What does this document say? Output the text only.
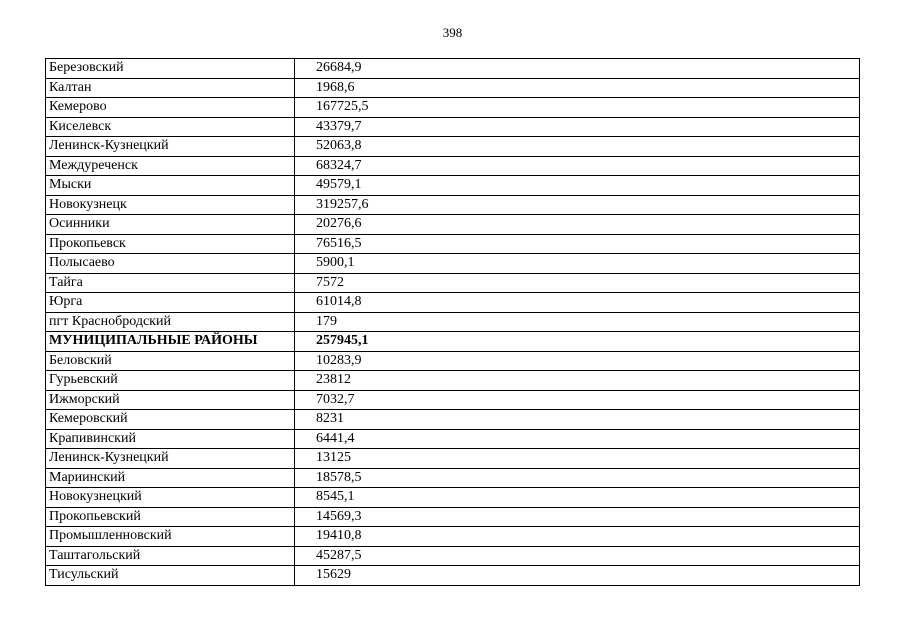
398
Березовский	26684,9
Калтан	1968,6
Кемерово	167725,5
Киселевск	43379,7
Ленинск-Кузнецкий	52063,8
Междуреченск	68324,7
Мыски	49579,1
Новокузнецк	319257,6
Осинники	20276,6
Прокопьевск	76516,5
Полысаево	5900,1
Тайга	7572
Юрга	61014,8
пгт Краснобродский	179
МУНИЦИПАЛЬНЫЕ РАЙОНЫ	257945,1
Беловский	10283,9
Гурьевский	23812
Ижморский	7032,7
Кемеровский	8231
Крапивинский	6441,4
Ленинск-Кузнецкий	13125
Мариинский	18578,5
Новокузнецкий	8545,1
Прокопьевский	14569,3
Промышленновский	19410,8
Таштагольский	45287,5
Тисульский	15629
